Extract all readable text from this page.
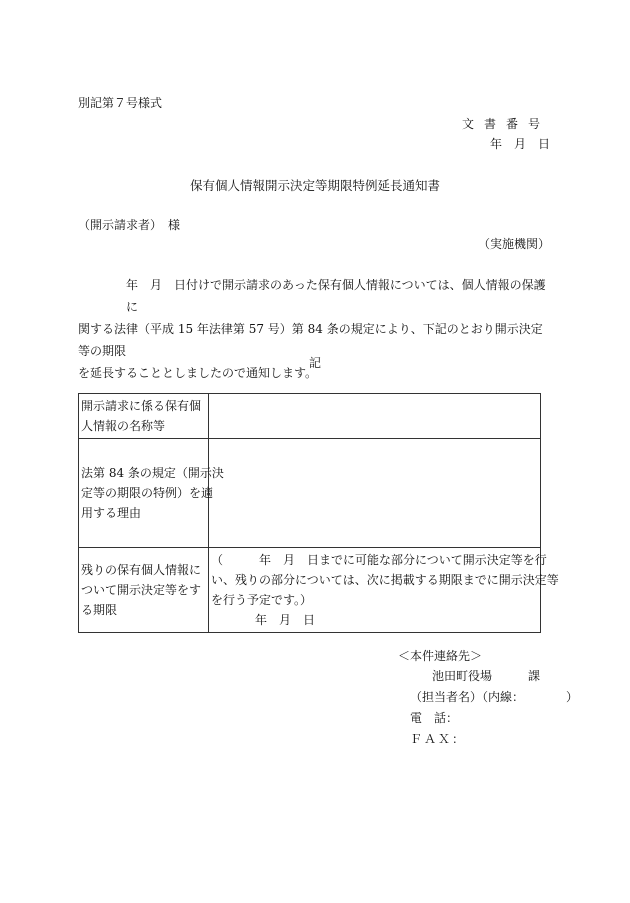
別記第７号様式
文書番号
年　月　日
保有個人情報開示決定等期限特例延長通知書
（開示請求者）　様
（実施機関）
年　月　日付けで開示請求のあった保有個人情報については、個人情報の保護に
関する法律（平成 15 年法律第 57 号）第 84 条の規定により、下記のとおり開示決定等の期限
を延長することとしましたので通知します。
記
開示請求に係る保有個
人情報の名称等	

法第 84 条の規定（開示決
定等の期限の特例）を適
用する理由	

残りの保有個人情報に
ついて開示決定等をす
る期限	（　　　年　月　日までに可能な部分について開示決定等を行
い、残りの部分については、次に掲載する期限までに開示決定等
を行う予定です。）
年　月　日
＜本件連絡先＞
池田町役場　　　課
（担当者名）（内線：　　　　）
電　話：
ＦＡＸ：
